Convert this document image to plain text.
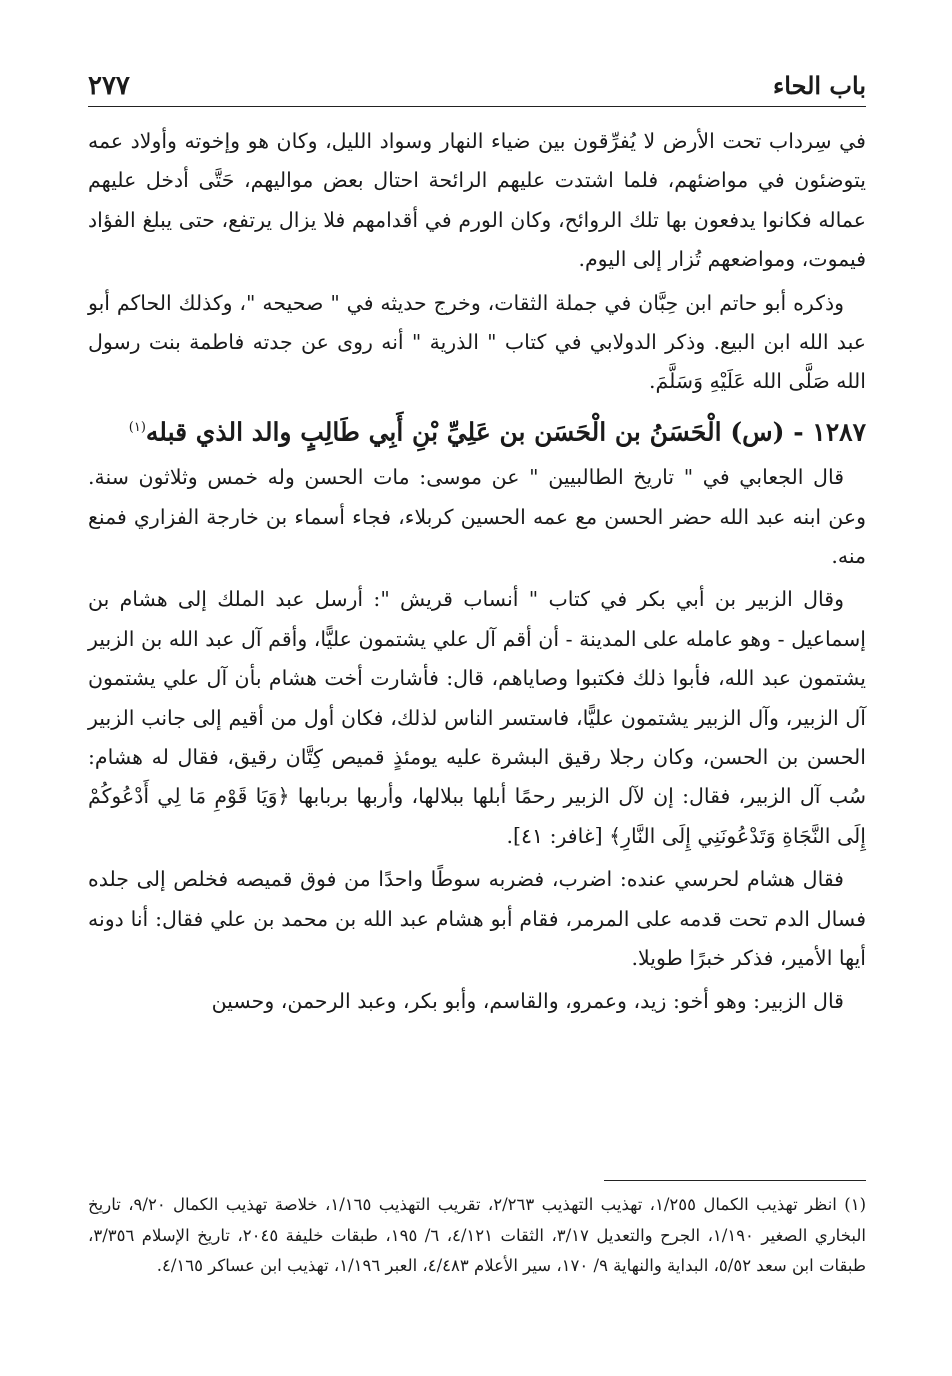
باب الحاء
٢٧٧

في سِرداب تحت الأرض لا يُفرِّقون بين ضياء النهار وسواد الليل، وكان هو وإخوته وأولاد عمه يتوضئون في مواضئهم، فلما اشتدت عليهم الرائحة احتال بعض مواليهم، حَتَّى أدخل عليهم عماله فكانوا يدفعون بها تلك الروائح، وكان الورم في أقدامهم فلا يزال يرتفع، حتى يبلغ الفؤاد فيموت، ومواضعهم تُزار إلى اليوم.

وذكره أبو حاتم ابن حِبَّان في جملة الثقات، وخرج حديثه في " صحيحه "، وكذلك الحاكم أبو عبد الله ابن البيع. وذكر الدولابي في كتاب " الذرية " أنه روى عن جدته فاطمة بنت رسول الله صَلَّى الله عَلَيْهِ وَسَلَّمَ.

١٢٨٧ - (س) الْحَسَنُ بن الْحَسَن بن عَلِيِّ بْنِ أَبِي طَالِبٍ والد الذي قبله$^{(١)}$

قال الجعابي في " تاريخ الطالبيين " عن موسى: مات الحسن وله خمس وثلاثون سنة. وعن ابنه عبد الله حضر الحسن مع عمه الحسين كربلاء، فجاء أسماء بن خارجة الفزاري فمنع منه.

وقال الزبير بن أبي بكر في كتاب " أنساب قريش ": أرسل عبد الملك إلى هشام بن إسماعيل - وهو عامله على المدينة - أن أقم آل علي يشتمون عليًّا، وأقم آل عبد الله بن الزبير يشتمون عبد الله، فأبوا ذلك فكتبوا وصاياهم، قال: فأشارت أخت هشام بأن آل علي يشتمون آل الزبير، وآل الزبير يشتمون عليًّا، فاستسر الناس لذلك، فكان أول من أقيم إلى جانب الزبير الحسن بن الحسن، وكان رجلا رقيق البشرة عليه يومئذٍ قميص كِتَّان رقيق، فقال له هشام: سُب آل الزبير، فقال: إن لآل الزبير رحمًا أبلها ببلالها، وأربها بربابها ﴿وَيَا قَوْمِ مَا لِي أَدْعُوكُمْ إِلَى النَّجَاةِ وَتَدْعُونَنِي إِلَى النَّارِ﴾ [غافر: ٤١].

فقال هشام لحرسي عنده: اضرب، فضربه سوطًا واحدًا من فوق قميصه فخلص إلى جلده فسال الدم تحت قدمه على المرمر، فقام أبو هشام عبد الله بن محمد بن علي فقال: أنا دونه أيها الأمير، فذكر خبرًا طويلا.

قال الزبير: وهو أخو: زيد، وعمرو، والقاسم، وأبو بكر، وعبد الرحمن، وحسين

(١) انظر تهذيب الكمال ١/٢٥٥، تهذيب التهذيب ٢/٢٦٣، تقريب التهذيب ١/١٦٥، خلاصة تهذيب الكمال ٩/٢٠، تاريخ البخاري الصغير ١/١٩٠، الجرح والتعديل ٣/١٧، الثقات ٤/١٢١، ٦/ ١٩٥، طبقات خليفة ٢٠٤٥، تاريخ الإسلام ٣/٣٥٦، طبقات ابن سعد ٥/٥٢، البداية والنهاية ٩/ ١٧٠، سير الأعلام ٤/٤٨٣، العبر ١/١٩٦، تهذيب ابن عساكر ٤/١٦٥.
